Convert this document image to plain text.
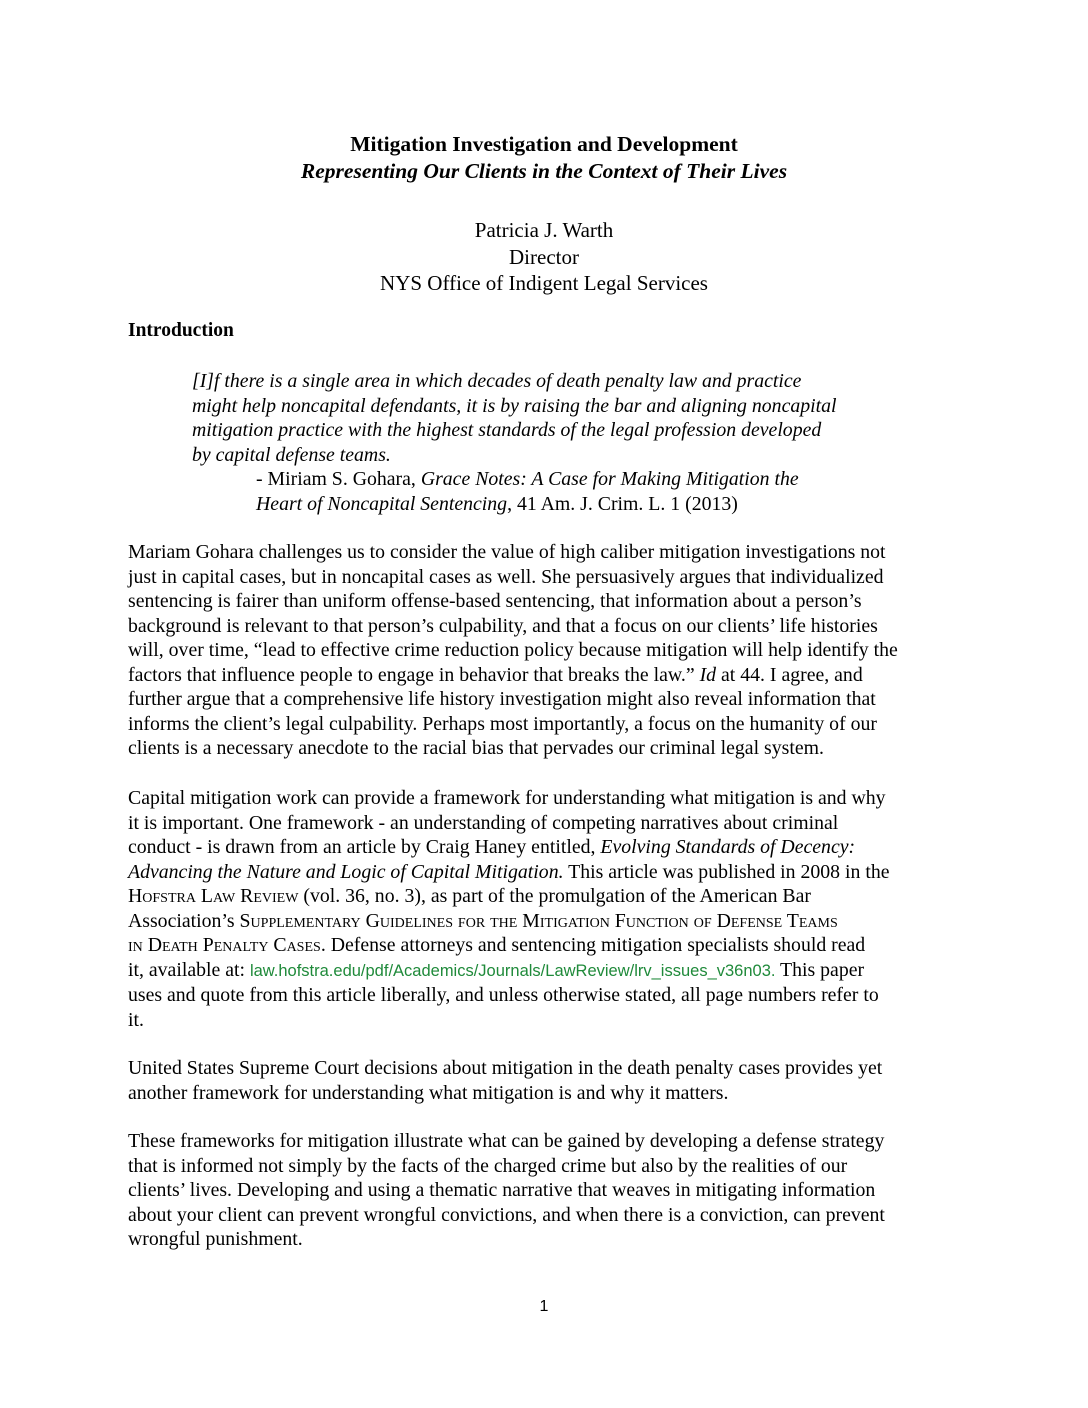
Mitigation Investigation and Development
Representing Our Clients in the Context of Their Lives
Patricia J. Warth
Director
NYS Office of Indigent Legal Services
Introduction
[I]f there is a single area in which decades of death penalty law and practice
might help noncapital defendants, it is by raising the bar and aligning noncapital
mitigation practice with the highest standards of the legal profession developed
by capital defense teams.
- Miriam S. Gohara, Grace Notes: A Case for Making Mitigation the
Heart of Noncapital Sentencing, 41 Am. J. Crim. L. 1 (2013)
Mariam Gohara challenges us to consider the value of high caliber mitigation investigations not
just in capital cases, but in noncapital cases as well. She persuasively argues that individualized
sentencing is fairer than uniform offense-based sentencing, that information about a person’s
background is relevant to that person’s culpability, and that a focus on our clients’ life histories
will, over time, “lead to effective crime reduction policy because mitigation will help identify the
factors that influence people to engage in behavior that breaks the law.” Id at 44. I agree, and
further argue that a comprehensive life history investigation might also reveal information that
informs the client’s legal culpability. Perhaps most importantly, a focus on the humanity of our
clients is a necessary anecdote to the racial bias that pervades our criminal legal system.
Capital mitigation work can provide a framework for understanding what mitigation is and why
it is important. One framework - an understanding of competing narratives about criminal
conduct - is drawn from an article by Craig Haney entitled, Evolving Standards of Decency:
Advancing the Nature and Logic of Capital Mitigation. This article was published in 2008 in the
Hofstra Law Review (vol. 36, no. 3), as part of the promulgation of the American Bar
Association’s Supplementary Guidelines for the Mitigation Function of Defense Teams
in Death Penalty Cases. Defense attorneys and sentencing mitigation specialists should read
it, available at: law.hofstra.edu/pdf/Academics/Journals/LawReview/lrv_issues_v36n03. This paper
uses and quote from this article liberally, and unless otherwise stated, all page numbers refer to
it.
United States Supreme Court decisions about mitigation in the death penalty cases provides yet
another framework for understanding what mitigation is and why it matters.
These frameworks for mitigation illustrate what can be gained by developing a defense strategy
that is informed not simply by the facts of the charged crime but also by the realities of our
clients’ lives. Developing and using a thematic narrative that weaves in mitigating information
about your client can prevent wrongful convictions, and when there is a conviction, can prevent
wrongful punishment.
1
